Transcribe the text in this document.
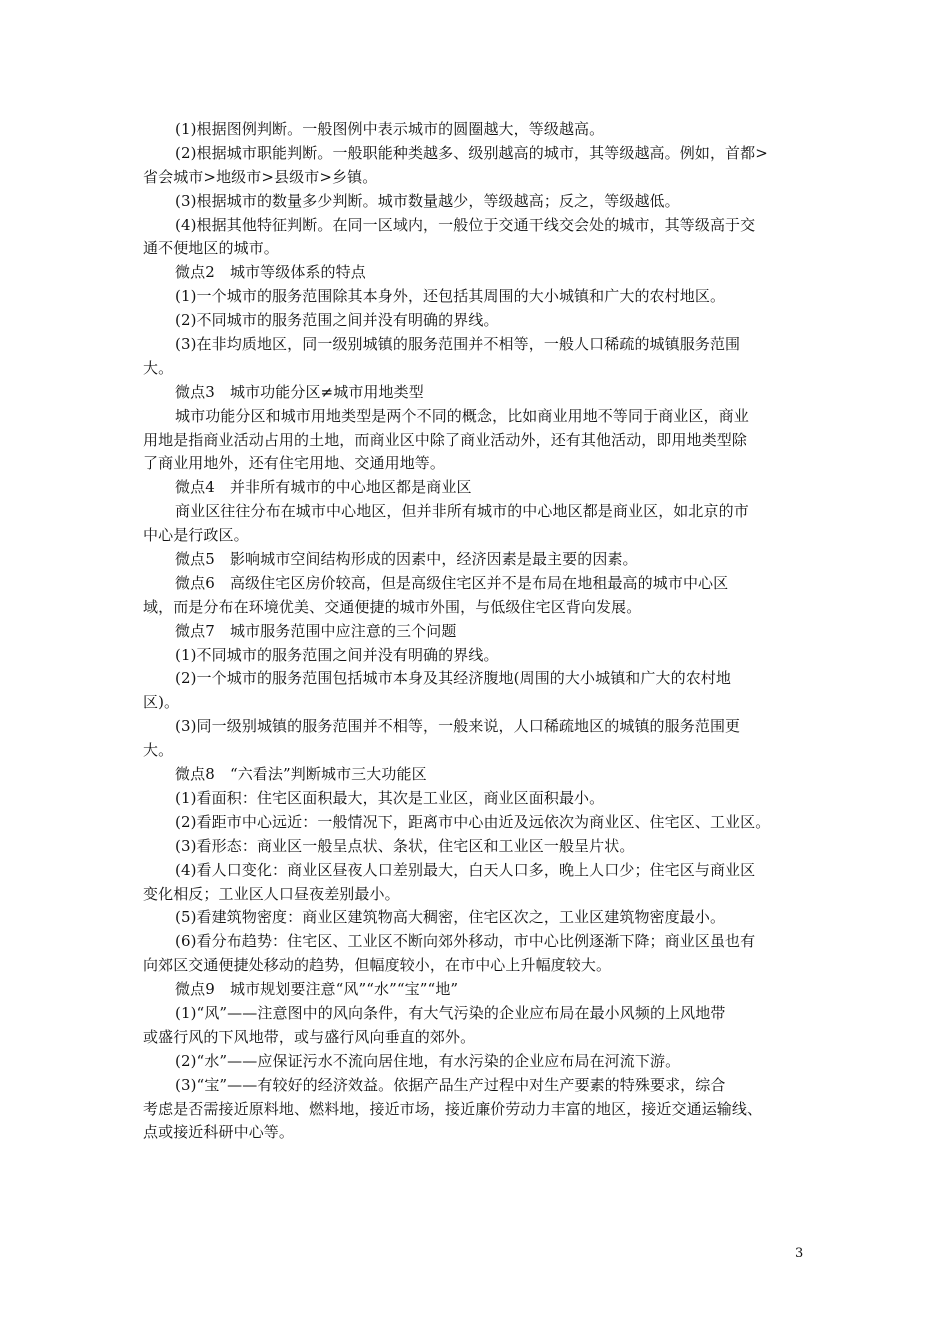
(1)根据图例判断。一般图例中表示城市的圆圈越大，等级越高。
(2)根据城市职能判断。一般职能种类越多、级别越高的城市，其等级越高。例如，首都>
省会城市>地级市>县级市>乡镇。
(3)根据城市的数量多少判断。城市数量越少，等级越高；反之，等级越低。
(4)根据其他特征判断。在同一区域内，一般位于交通干线交会处的城市，其等级高于交
通不便地区的城市。
微点2　城市等级体系的特点
(1)一个城市的服务范围除其本身外，还包括其周围的大小城镇和广大的农村地区。
(2)不同城市的服务范围之间并没有明确的界线。
(3)在非均质地区，同一级别城镇的服务范围并不相等，一般人口稀疏的城镇服务范围
大。
微点3　城市功能分区≠城市用地类型
城市功能分区和城市用地类型是两个不同的概念，比如商业用地不等同于商业区，商业
用地是指商业活动占用的土地，而商业区中除了商业活动外，还有其他活动，即用地类型除
了商业用地外，还有住宅用地、交通用地等。
微点4　并非所有城市的中心地区都是商业区
商业区往往分布在城市中心地区，但并非所有城市的中心地区都是商业区，如北京的市
中心是行政区。
微点5　影响城市空间结构形成的因素中，经济因素是最主要的因素。
微点6　高级住宅区房价较高，但是高级住宅区并不是布局在地租最高的城市中心区
域，而是分布在环境优美、交通便捷的城市外围，与低级住宅区背向发展。
微点7　城市服务范围中应注意的三个问题
(1)不同城市的服务范围之间并没有明确的界线。
(2)一个城市的服务范围包括城市本身及其经济腹地(周围的大小城镇和广大的农村地
区)。
(3)同一级别城镇的服务范围并不相等，一般来说，人口稀疏地区的城镇的服务范围更
大。
微点8　“六看法”判断城市三大功能区
(1)看面积：住宅区面积最大，其次是工业区，商业区面积最小。
(2)看距市中心远近：一般情况下，距离市中心由近及远依次为商业区、住宅区、工业区。
(3)看形态：商业区一般呈点状、条状，住宅区和工业区一般呈片状。
(4)看人口变化：商业区昼夜人口差别最大，白天人口多，晚上人口少；住宅区与商业区
变化相反；工业区人口昼夜差别最小。
(5)看建筑物密度：商业区建筑物高大稠密，住宅区次之，工业区建筑物密度最小。
(6)看分布趋势：住宅区、工业区不断向郊外移动，市中心比例逐渐下降；商业区虽也有
向郊区交通便捷处移动的趋势，但幅度较小，在市中心上升幅度较大。
微点9　城市规划要注意“风”“水”“宝”“地”
(1)“风”——注意图中的风向条件，有大气污染的企业应布局在最小风频的上风地带
或盛行风的下风地带，或与盛行风向垂直的郊外。
(2)“水”——应保证污水不流向居住地，有水污染的企业应布局在河流下游。
(3)“宝”——有较好的经济效益。依据产品生产过程中对生产要素的特殊要求，综合
考虑是否需接近原料地、燃料地，接近市场，接近廉价劳动力丰富的地区，接近交通运输线、
点或接近科研中心等。
3
